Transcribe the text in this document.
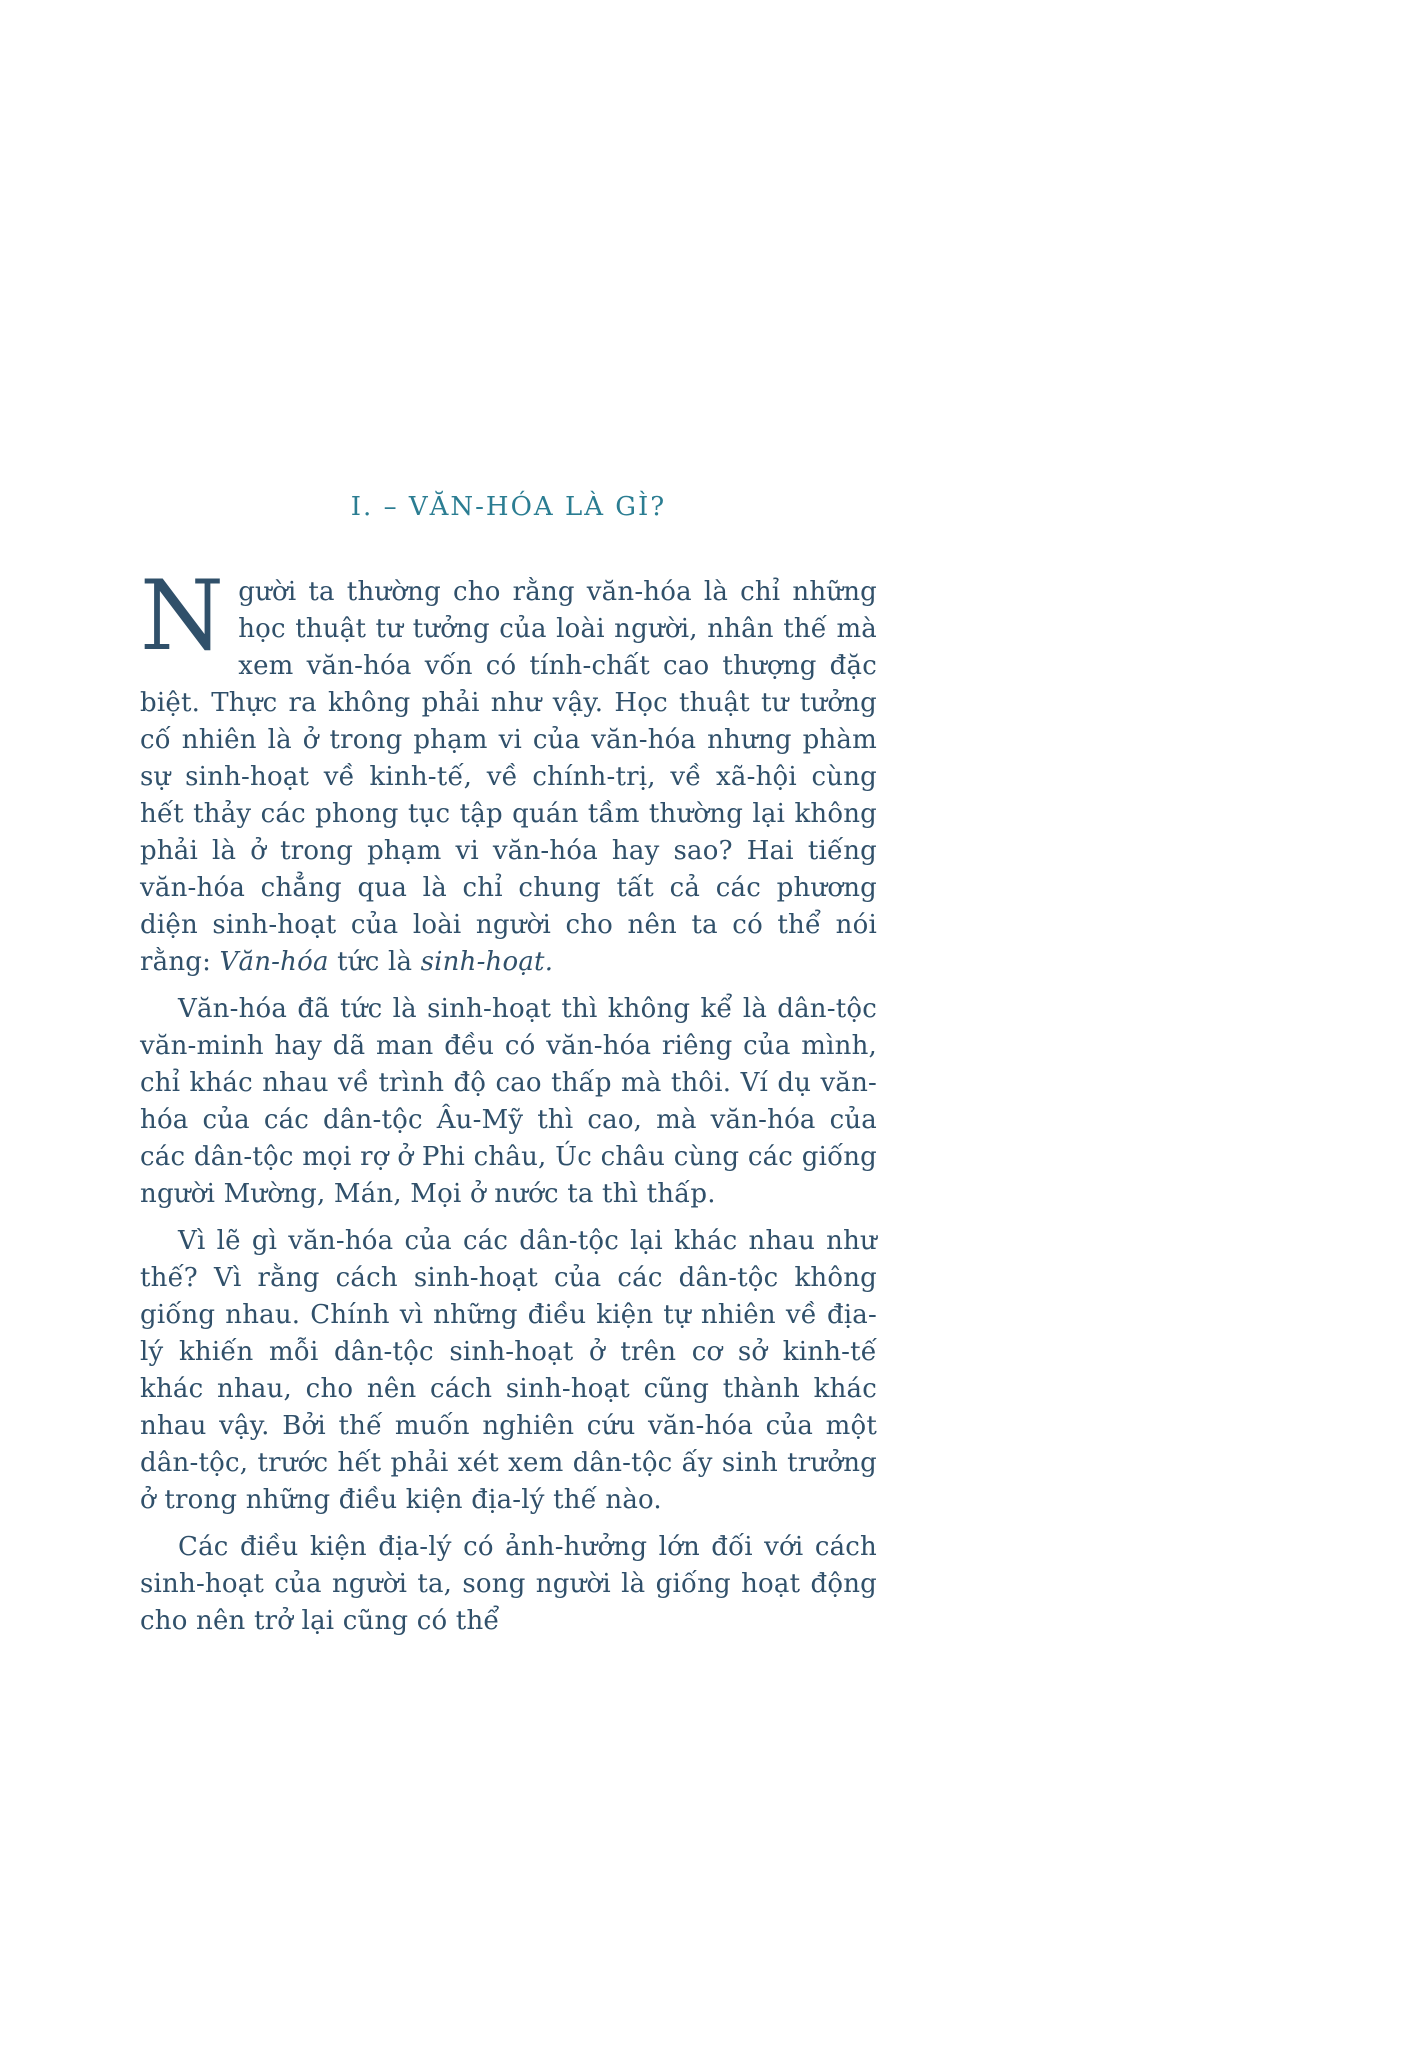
I. – VĂN-HÓA LÀ GÌ?

Người ta thường cho rằng văn-hóa là chỉ những học thuật tư tưởng của loài người, nhân thế mà xem văn-hóa vốn có tính-chất cao thượng đặc biệt. Thực ra không phải như vậy. Học thuật tư tưởng cố nhiên là ở trong phạm vi của văn-hóa nhưng phàm sự sinh-hoạt về kinh-tế, về chính-trị, về xã-hội cùng hết thảy các phong tục tập quán tầm thường lại không phải là ở trong phạm vi văn-hóa hay sao? Hai tiếng văn-hóa chẳng qua là chỉ chung tất cả các phương diện sinh-hoạt của loài người cho nên ta có thể nói rằng: Văn-hóa tức là sinh-hoạt.

Văn-hóa đã tức là sinh-hoạt thì không kể là dân-tộc văn-minh hay dã man đều có văn-hóa riêng của mình, chỉ khác nhau về trình độ cao thấp mà thôi. Ví dụ văn-hóa của các dân-tộc Âu-Mỹ thì cao, mà văn-hóa của các dân-tộc mọi rợ ở Phi châu, Úc châu cùng các giống người Mường, Mán, Mọi ở nước ta thì thấp.

Vì lẽ gì văn-hóa của các dân-tộc lại khác nhau như thế? Vì rằng cách sinh-hoạt của các dân-tộc không giống nhau. Chính vì những điều kiện tự nhiên về địa-lý khiến mỗi dân-tộc sinh-hoạt ở trên cơ sở kinh-tế khác nhau, cho nên cách sinh-hoạt cũng thành khác nhau vậy. Bởi thế muốn nghiên cứu văn-hóa của một dân-tộc, trước hết phải xét xem dân-tộc ấy sinh trưởng ở trong những điều kiện địa-lý thế nào.

Các điều kiện địa-lý có ảnh-hưởng lớn đối với cách sinh-hoạt của người ta, song người là giống hoạt động cho nên trở lại cũng có thể
